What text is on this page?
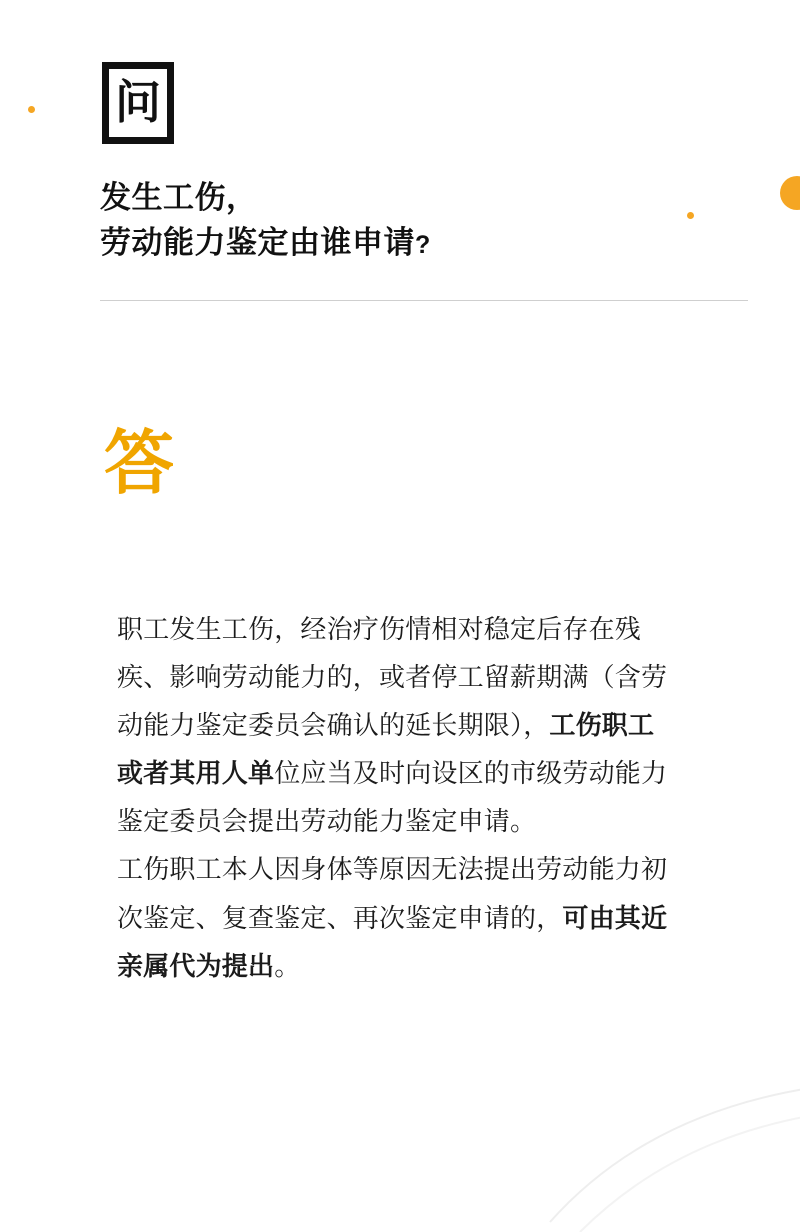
问
发生工伤，
劳动能力鉴定由谁申请?
答

职工发生工伤，经治疗伤情相对稳定后存在残疾、影响劳动能力的，或者停工留薪期满（含劳动能力鉴定委员会确认的延长期限），工伤职工或者其用人单位应当及时向设区的市级劳动能力鉴定委员会提出劳动能力鉴定申请。

工伤职工本人因身体等原因无法提出劳动能力初次鉴定、复查鉴定、再次鉴定申请的，可由其近亲属代为提出。
